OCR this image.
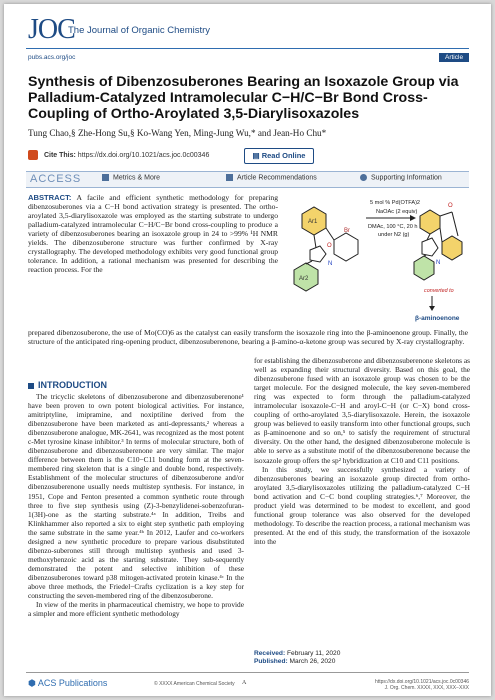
JOC
The Journal of Organic Chemistry
pubs.acs.org/joc	Article
Synthesis of Dibenzosuberones Bearing an Isoxazole Group via Palladium-Catalyzed Intramolecular C−H/C−Br Bond Cross-Coupling of Ortho-Aroylated 3,5-Diarylisoxazoles
Tung Chao,§ Zhe-Hong Su,§ Ko-Wang Yen, Ming-Jung Wu,* and Jean-Ho Chu*
Cite This: https://dx.doi.org/10.1021/acs.joc.0c00346	▤ Read Online
ACCESS	Metrics & More	Article Recommendations	Supporting Information
ABSTRACT: A facile and efficient synthetic methodology for preparing dibenzosuberones via a C−H bond activation strategy is presented. The ortho-aroylated 3,5-diarylisoxazole was employed as the starting substrate to undergo palladium-catalyzed intramolecular C−H/C−Br bond cross-coupling to produce a variety of dibenzosuberones bearing an isoxazole group in 24 to >99% ¹H NMR yields. The dibenzosuberone structure was further confirmed by X-ray crystallography. The developed methodology exhibits very good functional group tolerance. In addition, a rational mechanism was presented for describing the reaction process. For the
Ar1
Ar2
Br
O
N
5 mol % Pd(OTFA)2
NaOAc (2 equiv)
DMAc, 100 °C, 20 h
under N2 (g)
O
N
converted to
β-aminoenone
prepared dibenzosuberone, the use of Mo(CO)6 as the catalyst can easily transform the isoxazole ring into the β-aminoenone group. Finally, the structure of the anticipated ring-opening product, dibenzosuberenone, bearing a β-amino-α-ketone group was secured by X-ray crystallography.
INTRODUCTION

The tricyclic skeletons of dibenzosuberone and dibenzosuberenone¹ have been proven to own potent biological activities. For instance, amitriptyline, imipramine, and noxiptiline derived from the dibenzosuberone have been marketed as anti-depressants,² whereas a dibenzosuberone analogue, MK-2641, was recognized as the most potent c-Met tyrosine kinase inhibitor.³ In terms of molecular structure, both of dibenzosuberone and dibenzosuberenone are very similar. The major difference between them is the C10−C11 bonding form at the seven-membered ring skeleton that is a single and double bond, respectively. Establishment of the molecular structures of dibenzosuberone and/or dibenzosuberenone usually needs multistep synthesis. For instance, in 1951, Cope and Fenton presented a common synthetic route through three to five step synthesis using (Z)-3-benzylidenei-sobenzofuran-1(3H)-one as the starting substrate.⁴ᵃ In addition, Treibs and Klinkhammer also reported a six to eight step synthetic path employing the same substrate in the same year.⁴ᵇ In 2012, Laufer and co-workers designed a new synthetic procedure to prepare various disubstituted dibenzo-suberones still through multistep synthesis and used 3-methoxybenzoic acid as the starting substrate. They sub-sequently demonstrated the potent and selective inhibition of these dibenzosuberones toward p38 mitogen-activated protein kinase.⁴ᶜ In the above three methods, the Friedel−Crafts cyclization is a key step for constructing the seven-membered ring of the dibenzosuberone.

In view of the merits in pharmaceutical chemistry, we hope to provide a simpler and more efficient synthetic methodology

for establishing the dibenzosuberone and dibenzosuberenone skeletons as well as expanding their structural diversity. Based on this goal, the dibenzosuberone fused with an isoxazole group was chosen to be the target molecule. For the designed molecule, the key seven-membered ring was expected to form through the palladium-catalyzed intramolecular isoxazole-C−H and aroyl-C−H (or C−X) bond cross-coupling of ortho-aroylated 3,5-diarylisoxazole. Herein, the isoxazole group was believed to easily transform into other functional groups, such as β-aminoenone and so on,⁵ to satisfy the requirement of structural diversity. On the other hand, the designed dibenzosuberone molecule is able to serve as a substitute motif of the dibenzosuberenone because the isoxazole group offers the sp² hybridization at C10 and C11 positions.

In this study, we successfully synthesized a variety of dibenzosuberones bearing an isoxazole group directed from ortho-aroylated 3,5-diarylisoxazoles utilizing the palladium-catalyzed C−H bond activation and C−C bond coupling strategies.⁶,⁷ Moreover, the product yield was determined to be modest to excellent, and good functional group tolerance was also observed for the developed methodology. To describe the reaction process, a rational mechanism was presented. At the end of this study, the transformation of the isoxazole into the

Received: February 11, 2020
Published: March 26, 2020
⬢ ACS Publications	© XXXX American Chemical Society A	https://dx.doi.org/10.1021/acs.joc.0c00346
J. Org. Chem. XXXX, XXX, XXX−XXX
